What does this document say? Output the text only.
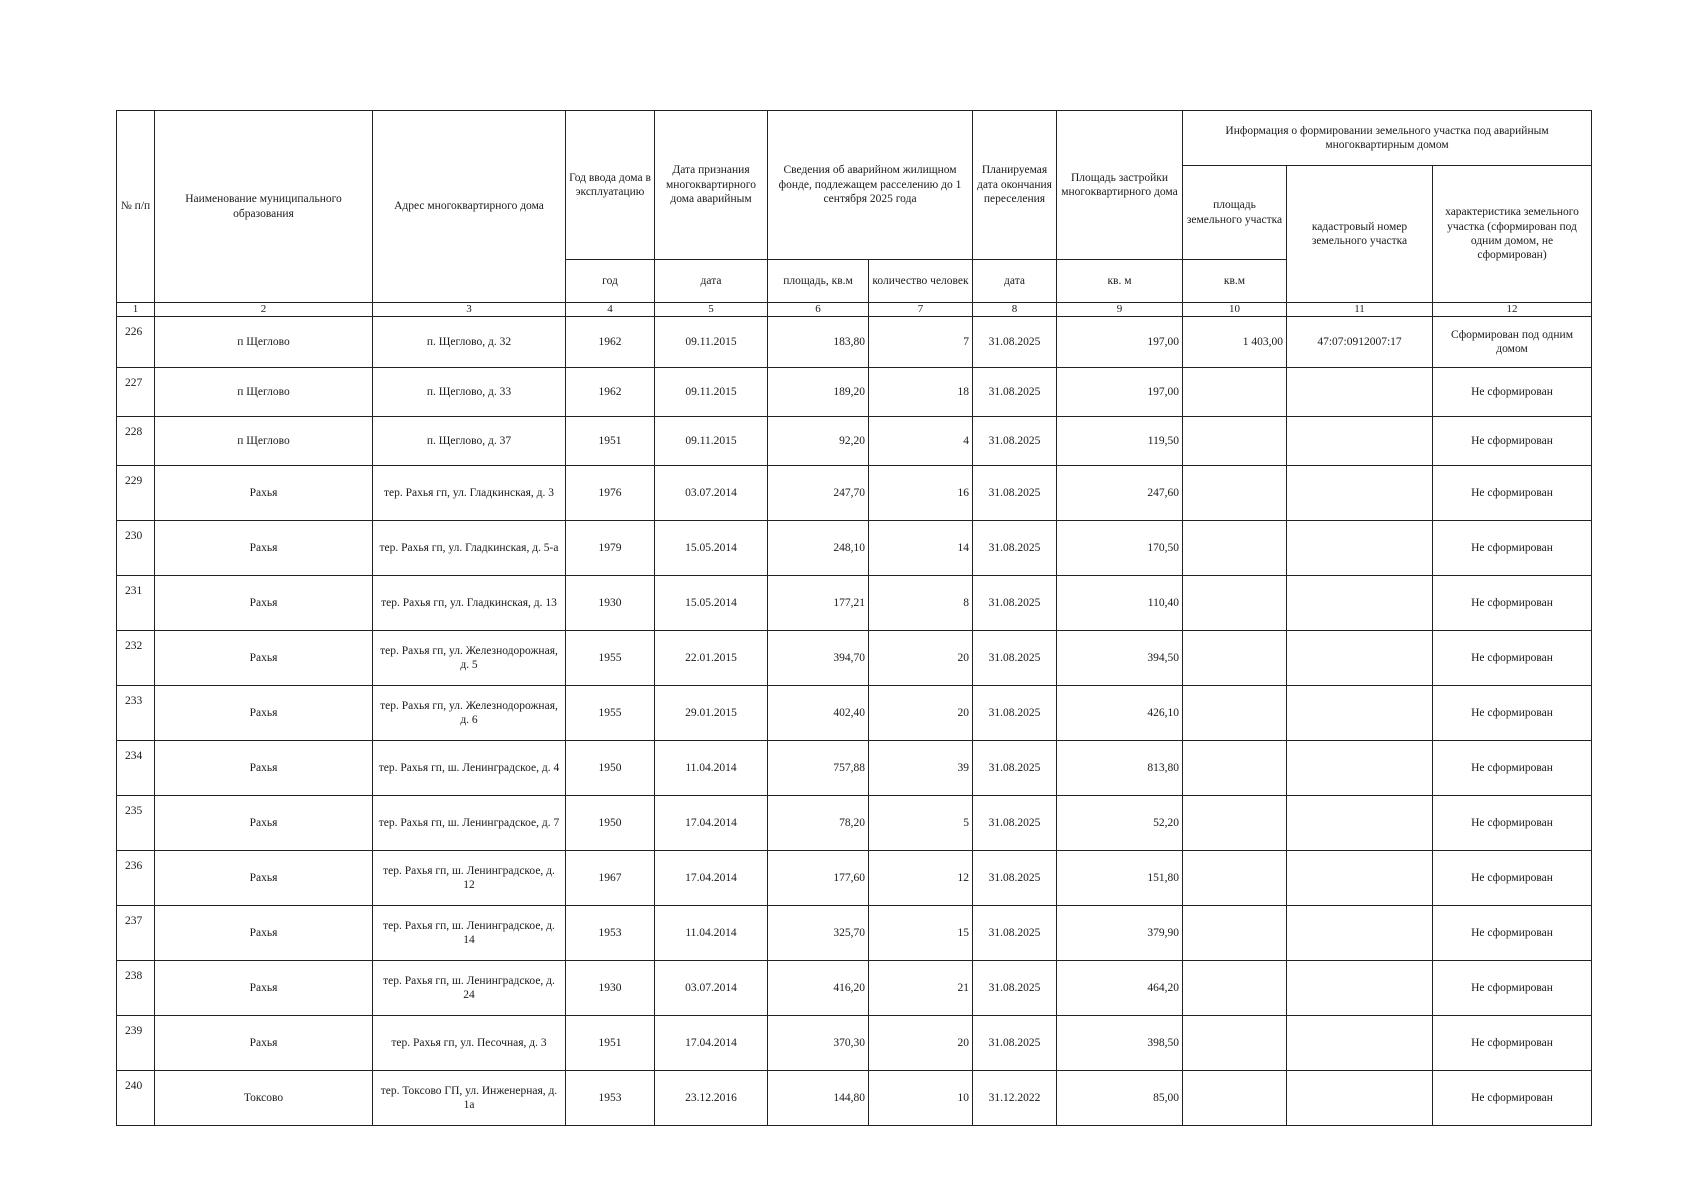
№ п/п	Наименование муниципального образования	Адрес многоквартирного дома	Год ввода дома в эксплуатацию	Дата признания многоквартирного дома аварийным	Сведения об аварийном жилищном фонде, подлежащем расселению до 1 сентября 2025 года		Планируемая дата окончания переселения	Площадь застройки многоквартирного дома	Информация о формировании земельного участка под аварийным многоквартирным домом		
									площадь земельного участка	кадастровый номер земельного участка	характеристика земельного участка (сформирован под одним домом, не сформирован)
			год	дата	площадь, кв.м	количество человек	дата	кв. м	кв.м		
1	2	3	4	5	6	7	8	9	10	11	12
226	п Щеглово	п. Щеглово, д. 32	1962	09.11.2015	183,80	7	31.08.2025	197,00	1 403,00	47:07:0912007:17	Сформирован под одним домом
227	п Щеглово	п. Щеглово, д. 33	1962	09.11.2015	189,20	18	31.08.2025	197,00			Не сформирован
228	п Щеглово	п. Щеглово, д. 37	1951	09.11.2015	92,20	4	31.08.2025	119,50			Не сформирован
229	Рахья	тер. Рахья гп, ул. Гладкинская, д. 3	1976	03.07.2014	247,70	16	31.08.2025	247,60			Не сформирован
230	Рахья	тер. Рахья гп, ул. Гладкинская, д. 5-а	1979	15.05.2014	248,10	14	31.08.2025	170,50			Не сформирован
231	Рахья	тер. Рахья гп, ул. Гладкинская, д. 13	1930	15.05.2014	177,21	8	31.08.2025	110,40			Не сформирован
232	Рахья	тер. Рахья гп, ул. Железнодорожная, д. 5	1955	22.01.2015	394,70	20	31.08.2025	394,50			Не сформирован
233	Рахья	тер. Рахья гп, ул. Железнодорожная, д. 6	1955	29.01.2015	402,40	20	31.08.2025	426,10			Не сформирован
234	Рахья	тер. Рахья гп, ш. Ленинградское, д. 4	1950	11.04.2014	757,88	39	31.08.2025	813,80			Не сформирован
235	Рахья	тер. Рахья гп, ш. Ленинградское, д. 7	1950	17.04.2014	78,20	5	31.08.2025	52,20			Не сформирован
236	Рахья	тер. Рахья гп, ш. Ленинградское, д. 12	1967	17.04.2014	177,60	12	31.08.2025	151,80			Не сформирован
237	Рахья	тер. Рахья гп, ш. Ленинградское, д. 14	1953	11.04.2014	325,70	15	31.08.2025	379,90			Не сформирован
238	Рахья	тер. Рахья гп, ш. Ленинградское, д. 24	1930	03.07.2014	416,20	21	31.08.2025	464,20			Не сформирован
239	Рахья	тер. Рахья гп, ул. Песочная, д. 3	1951	17.04.2014	370,30	20	31.08.2025	398,50			Не сформирован
240	Токсово	тер. Токсово ГП, ул. Инженерная, д. 1а	1953	23.12.2016	144,80	10	31.12.2022	85,00			Не сформирован
